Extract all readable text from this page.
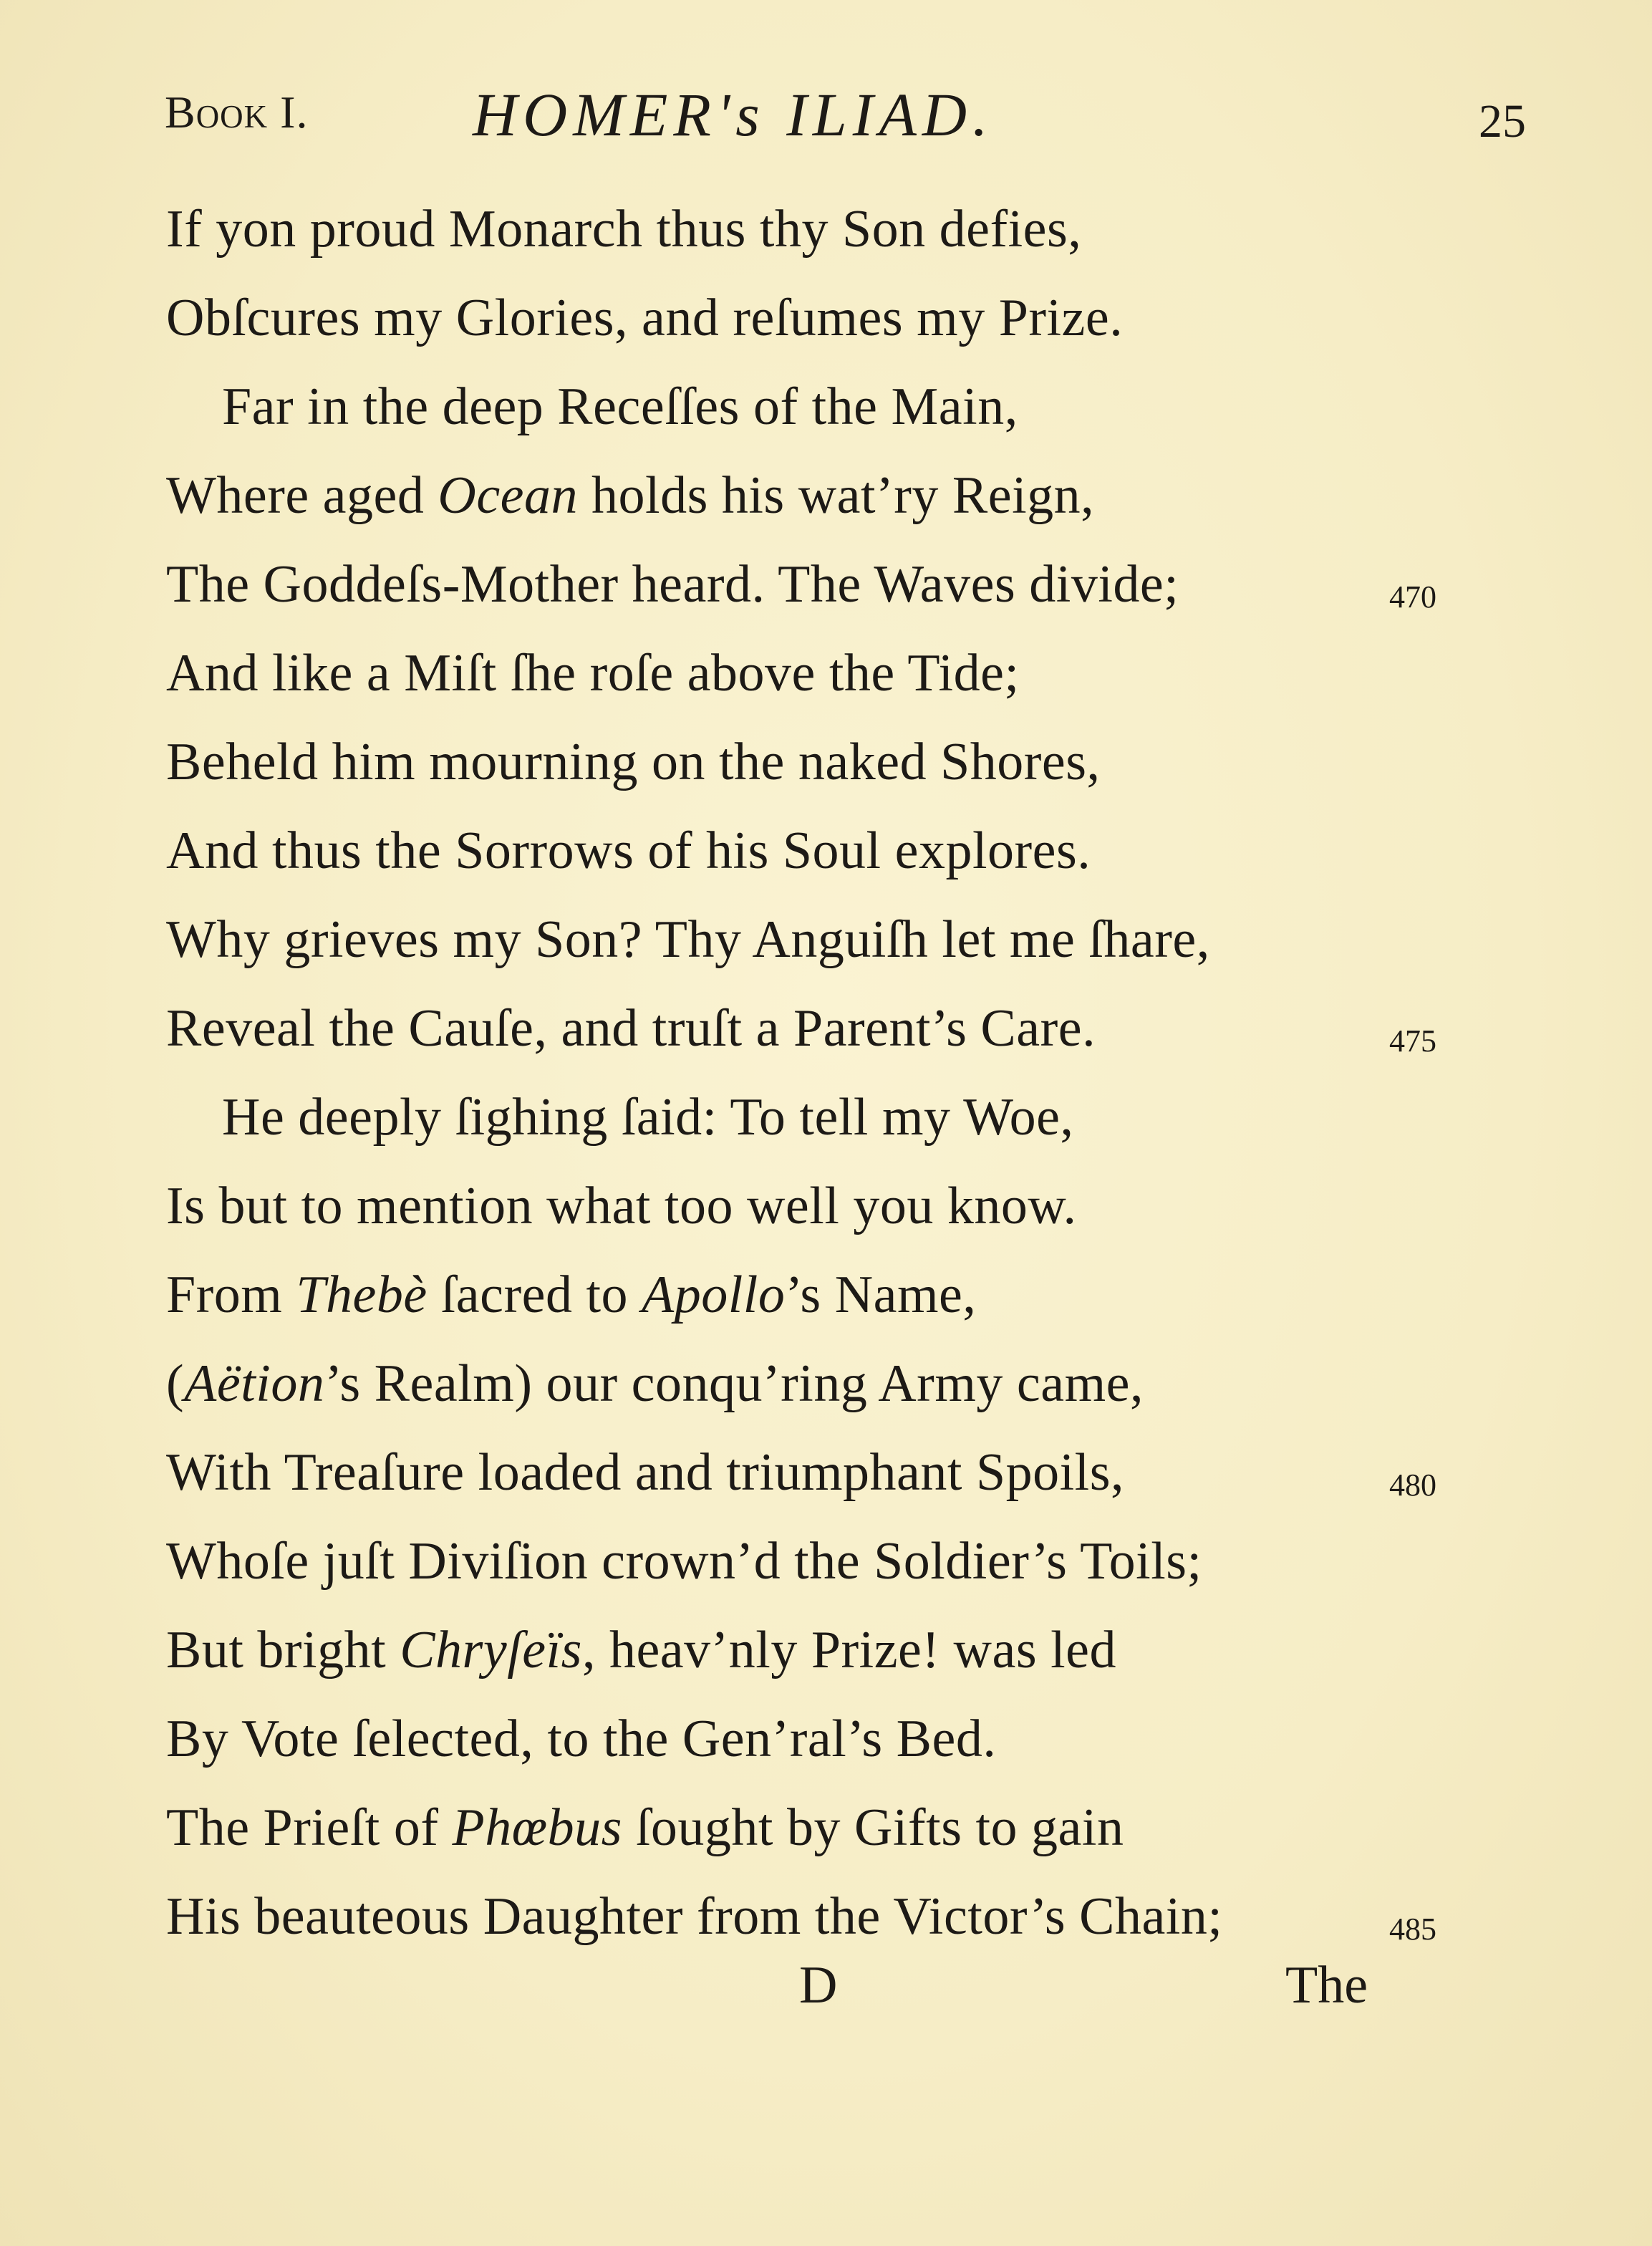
Book I.	HOMER's ILIAD.	25
If yon proud Monarch thus thy Son defies,
Obſcures my Glories, and reſumes my Prize.
Far in the deep Receſſes of the Main,
Where aged Ocean holds his wat’ry Reign,
The Goddeſs-Mother heard. The Waves divide;	470
And like a Miſt ſhe roſe above the Tide;
Beheld him mourning on the naked Shores,
And thus the Sorrows of his Soul explores.
Why grieves my Son? Thy Anguiſh let me ſhare,
Reveal the Cauſe, and truſt a Parent’s Care.	475
He deeply ſighing ſaid: To tell my Woe,
Is but to mention what too well you know.
From Thebè ſacred to Apollo’s Name,
(Aëtion’s Realm) our conqu’ring Army came,
With Treaſure loaded and triumphant Spoils,	480
Whoſe juſt Diviſion crown’d the Soldier’s Toils;
But bright Chryſeïs, heav’nly Prize! was led
By Vote ſelected, to the Gen’ral’s Bed.
The Prieſt of Phœbus ſought by Gifts to gain
His beauteous Daughter from the Victor’s Chain;	485
D	The
